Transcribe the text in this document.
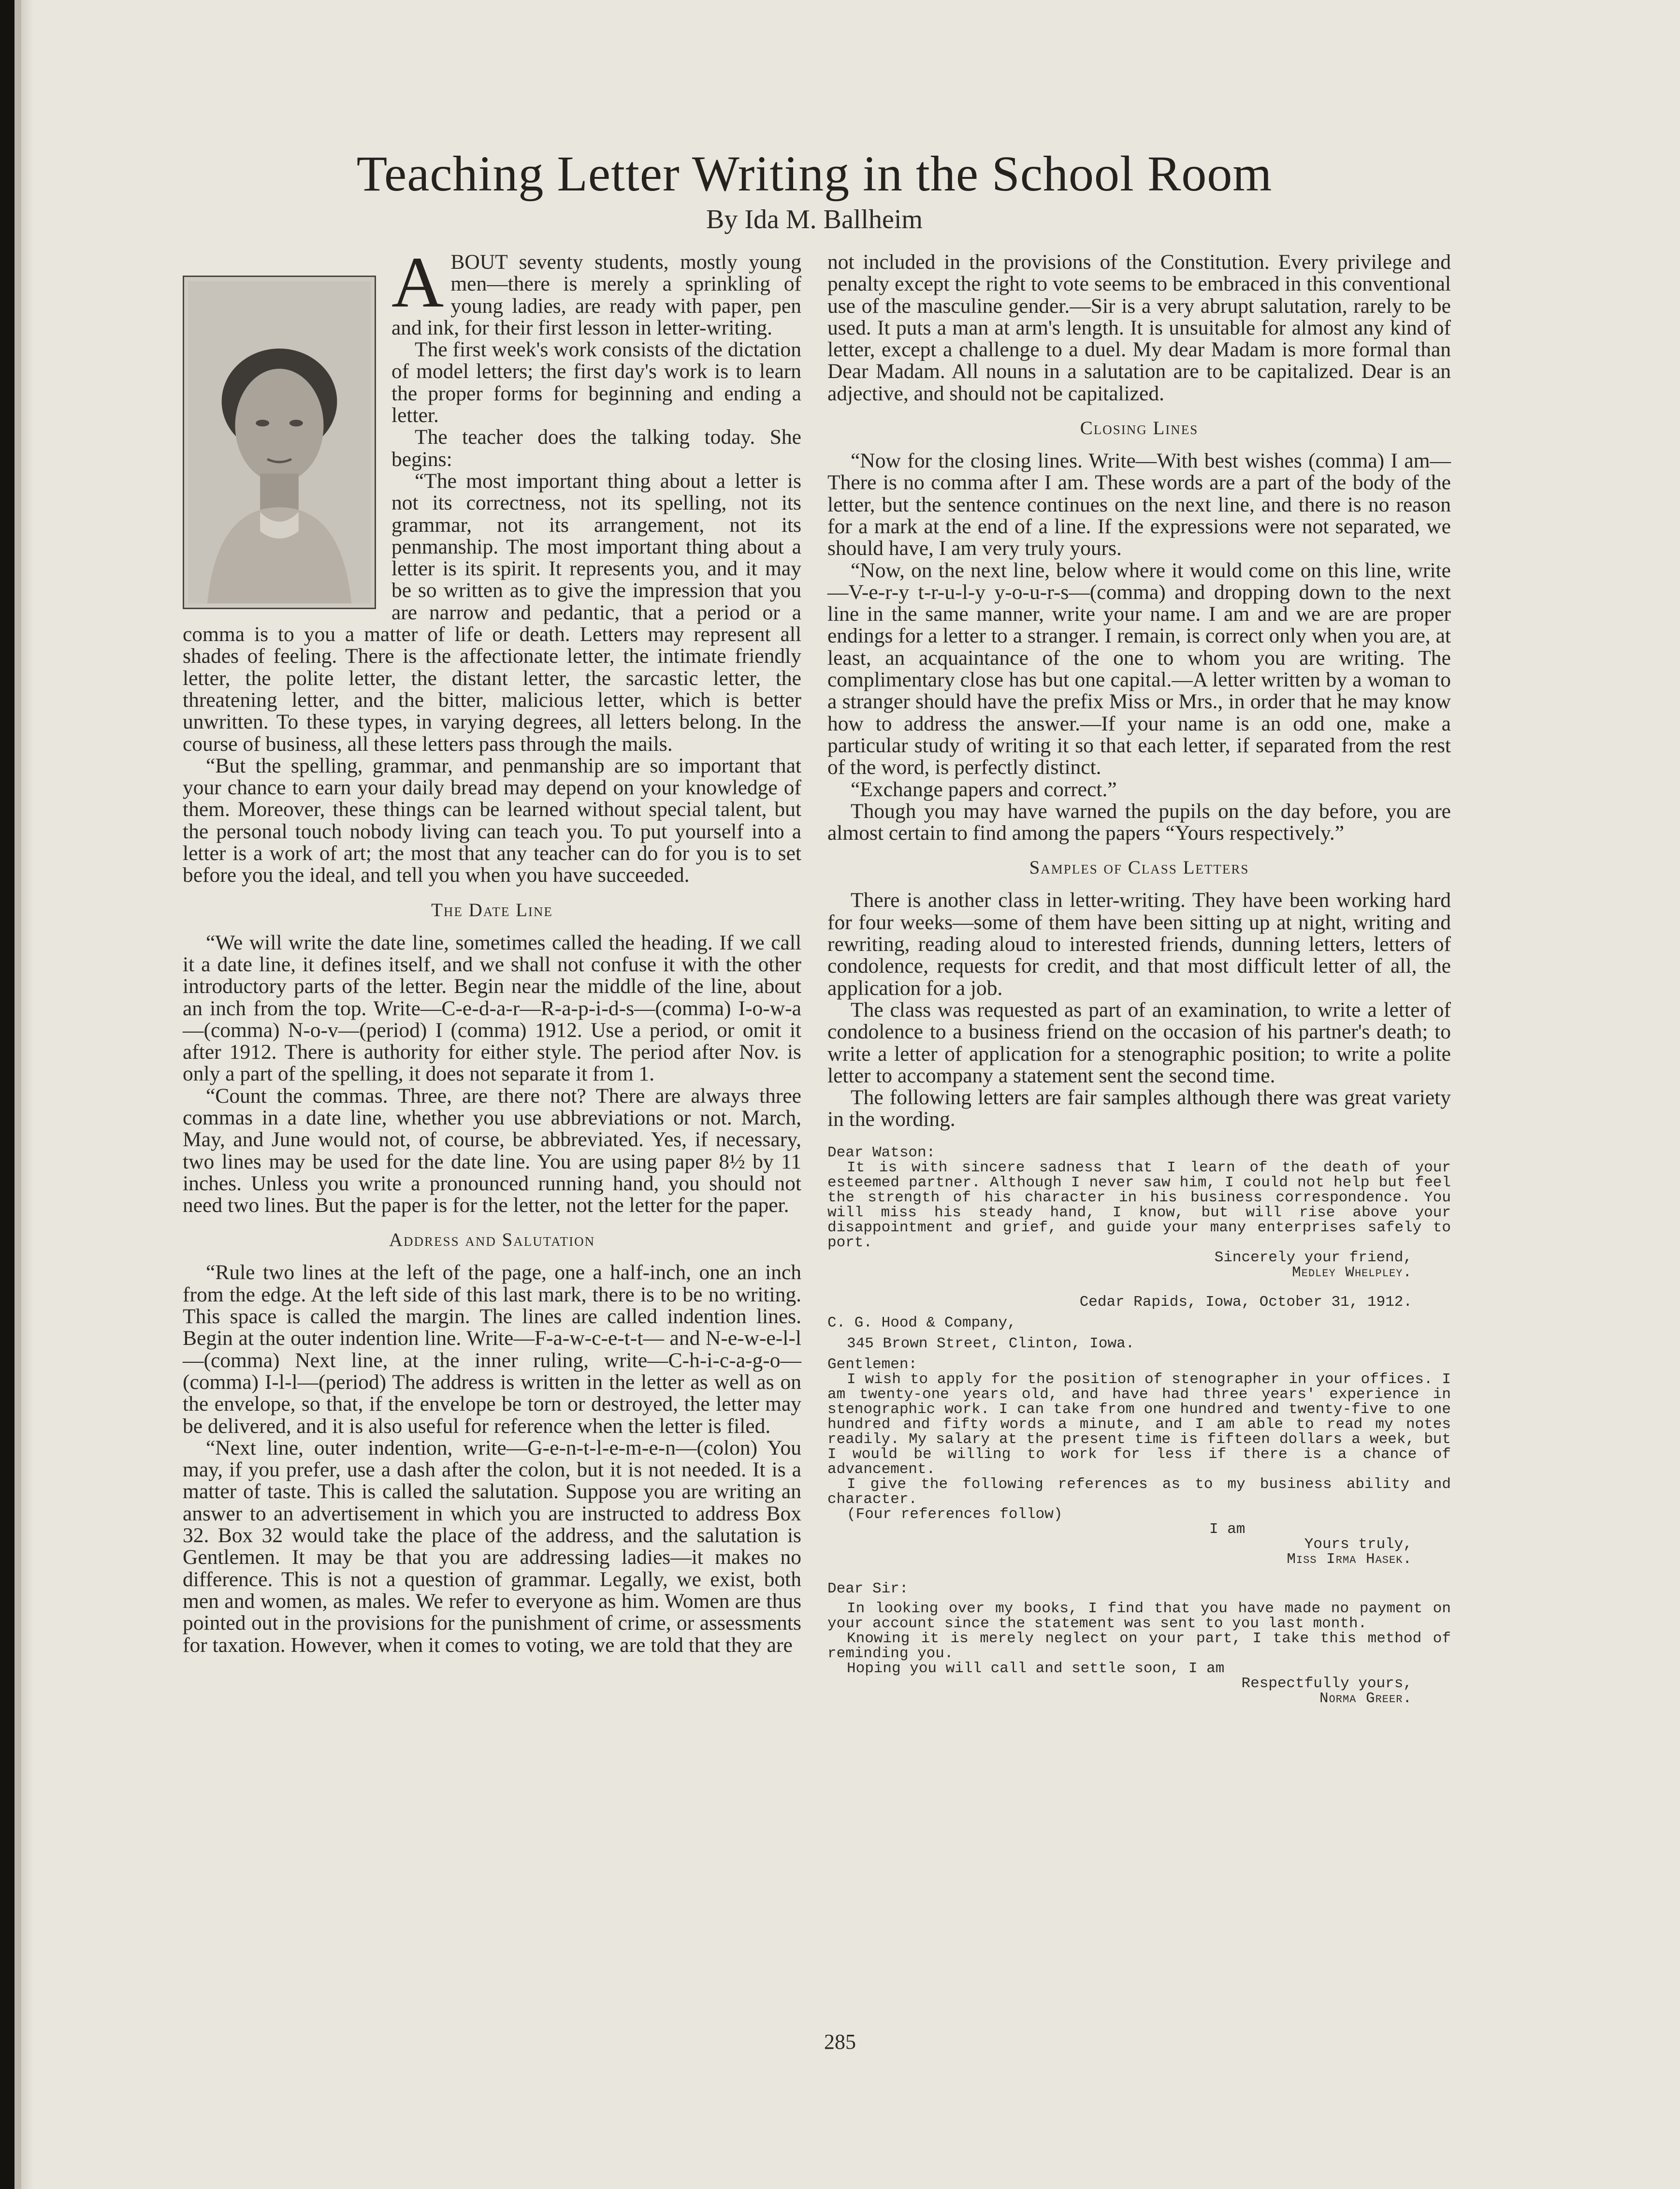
Teaching Letter Writing in the School Room
By Ida M. Ballheim
A BOUT seventy students, mostly young men—there is merely a sprinkling of young ladies, are ready with paper, pen and ink, for their first lesson in letter-writing.

The first week's work consists of the dictation of model letters; the first day's work is to learn the proper forms for beginning and ending a letter.

The teacher does the talking today. She begins:

“The most important thing about a letter is not its correctness, not its spelling, not its grammar, not its arrangement, not its penmanship. The most important thing about a letter is its spirit. It represents you, and it may be so written as to give the impression that you are narrow and pedantic, that a period or a comma is to you a matter of life or death. Letters may represent all shades of feeling. There is the affectionate letter, the intimate friendly letter, the polite letter, the distant letter, the sarcastic letter, the threatening letter, and the bitter, malicious letter, which is better unwritten. To these types, in varying degrees, all letters belong. In the course of business, all these letters pass through the mails.

“But the spelling, grammar, and penmanship are so important that your chance to earn your daily bread may depend on your knowledge of them. Moreover, these things can be learned without special talent, but the personal touch nobody living can teach you. To put yourself into a letter is a work of art; the most that any teacher can do for you is to set before you the ideal, and tell you when you have succeeded.

The Date Line

“We will write the date line, sometimes called the heading. If we call it a date line, it defines itself, and we shall not confuse it with the other introductory parts of the letter. Begin near the middle of the line, about an inch from the top. Write—C-e-d-a-r—R-a-p-i-d-s—(comma) I-o-w-a—(comma) N-o-v—(period) I (comma) 1912. Use a period, or omit it after 1912. There is authority for either style. The period after Nov. is only a part of the spelling, it does not separate it from 1.

“Count the commas. Three, are there not? There are always three commas in a date line, whether you use abbreviations or not. March, May, and June would not, of course, be abbreviated. Yes, if necessary, two lines may be used for the date line. You are using paper 8½ by 11 inches. Unless you write a pronounced running hand, you should not need two lines. But the paper is for the letter, not the letter for the paper.

Address and Salutation

“Rule two lines at the left of the page, one a half-inch, one an inch from the edge. At the left side of this last mark, there is to be no writing. This space is called the margin. The lines are called indention lines. Begin at the outer indention line. Write—F-a-w-c-e-t-t— and N-e-w-e-l-l—(comma) Next line, at the inner ruling, write—C-h-i-c-a-g-o—(comma) I-l-l—(period) The address is written in the letter as well as on the envelope, so that, if the envelope be torn or destroyed, the letter may be delivered, and it is also useful for reference when the letter is filed.

“Next line, outer indention, write—G-e-n-t-l-e-m-e-n—(colon) You may, if you prefer, use a dash after the colon, but it is not needed. It is a matter of taste. This is called the salutation. Suppose you are writing an answer to an advertisement in which you are instructed to address Box 32. Box 32 would take the place of the address, and the salutation is Gentlemen. It may be that you are addressing ladies—it makes no difference. This is not a question of grammar. Legally, we exist, both men and women, as males. We refer to everyone as him. Women are thus pointed out in the provisions for the punishment of crime, or assessments for taxation. However, when it comes to voting, we are told that they are

not included in the provisions of the Constitution. Every privilege and penalty except the right to vote seems to be embraced in this conventional use of the masculine gender.—Sir is a very abrupt salutation, rarely to be used. It puts a man at arm's length. It is unsuitable for almost any kind of letter, except a challenge to a duel. My dear Madam is more formal than Dear Madam. All nouns in a salutation are to be capitalized. Dear is an adjective, and should not be capitalized.

Closing Lines

“Now for the closing lines. Write—With best wishes (comma) I am—There is no comma after I am. These words are a part of the body of the letter, but the sentence continues on the next line, and there is no reason for a mark at the end of a line. If the expressions were not separated, we should have, I am very truly yours.

“Now, on the next line, below where it would come on this line, write—V-e-r-y t-r-u-l-y y-o-u-r-s—(comma) and dropping down to the next line in the same manner, write your name. I am and we are are proper endings for a letter to a stranger. I remain, is correct only when you are, at least, an acquaintance of the one to whom you are writing. The complimentary close has but one capital.—A letter written by a woman to a stranger should have the prefix Miss or Mrs., in order that he may know how to address the answer.—If your name is an odd one, make a particular study of writing it so that each letter, if separated from the rest of the word, is perfectly distinct.

“Exchange papers and correct.”

Though you may have warned the pupils on the day before, you are almost certain to find among the papers “Yours respectively.”

Samples of Class Letters

There is another class in letter-writing. They have been working hard for four weeks—some of them have been sitting up at night, writing and rewriting, reading aloud to interested friends, dunning letters, letters of condolence, requests for credit, and that most difficult letter of all, the application for a job.

The class was requested as part of an examination, to write a letter of condolence to a business friend on the occasion of his partner's death; to write a letter of application for a stenographic position; to write a polite letter to accompany a statement sent the second time.

The following letters are fair samples although there was great variety in the wording.

Dear Watson:

It is with sincere sadness that I learn of the death of your esteemed partner. Although I never saw him, I could not help but feel the strength of his character in his business correspondence. You will miss his steady hand, I know, but will rise above your disappointment and grief, and guide your many enterprises safely to port.

Sincerely your friend,

Medley Whelpley.

Cedar Rapids, Iowa, October 31, 1912.

C. G. Hood & Company,

345 Brown Street, Clinton, Iowa.

Gentlemen:

I wish to apply for the position of stenographer in your offices. I am twenty-one years old, and have had three years' experience in stenographic work. I can take from one hundred and twenty-five to one hundred and fifty words a minute, and I am able to read my notes readily. My salary at the present time is fifteen dollars a week, but I would be willing to work for less if there is a chance of advancement.

I give the following references as to my business ability and character.

(Four references follow)

I am

Yours truly,

Miss Irma Hasek.

Dear Sir:

In looking over my books, I find that you have made no payment on your account since the statement was sent to you last month.

Knowing it is merely neglect on your part, I take this method of reminding you.

Hoping you will call and settle soon, I am

Respectfully yours,

Norma Greer.

285
